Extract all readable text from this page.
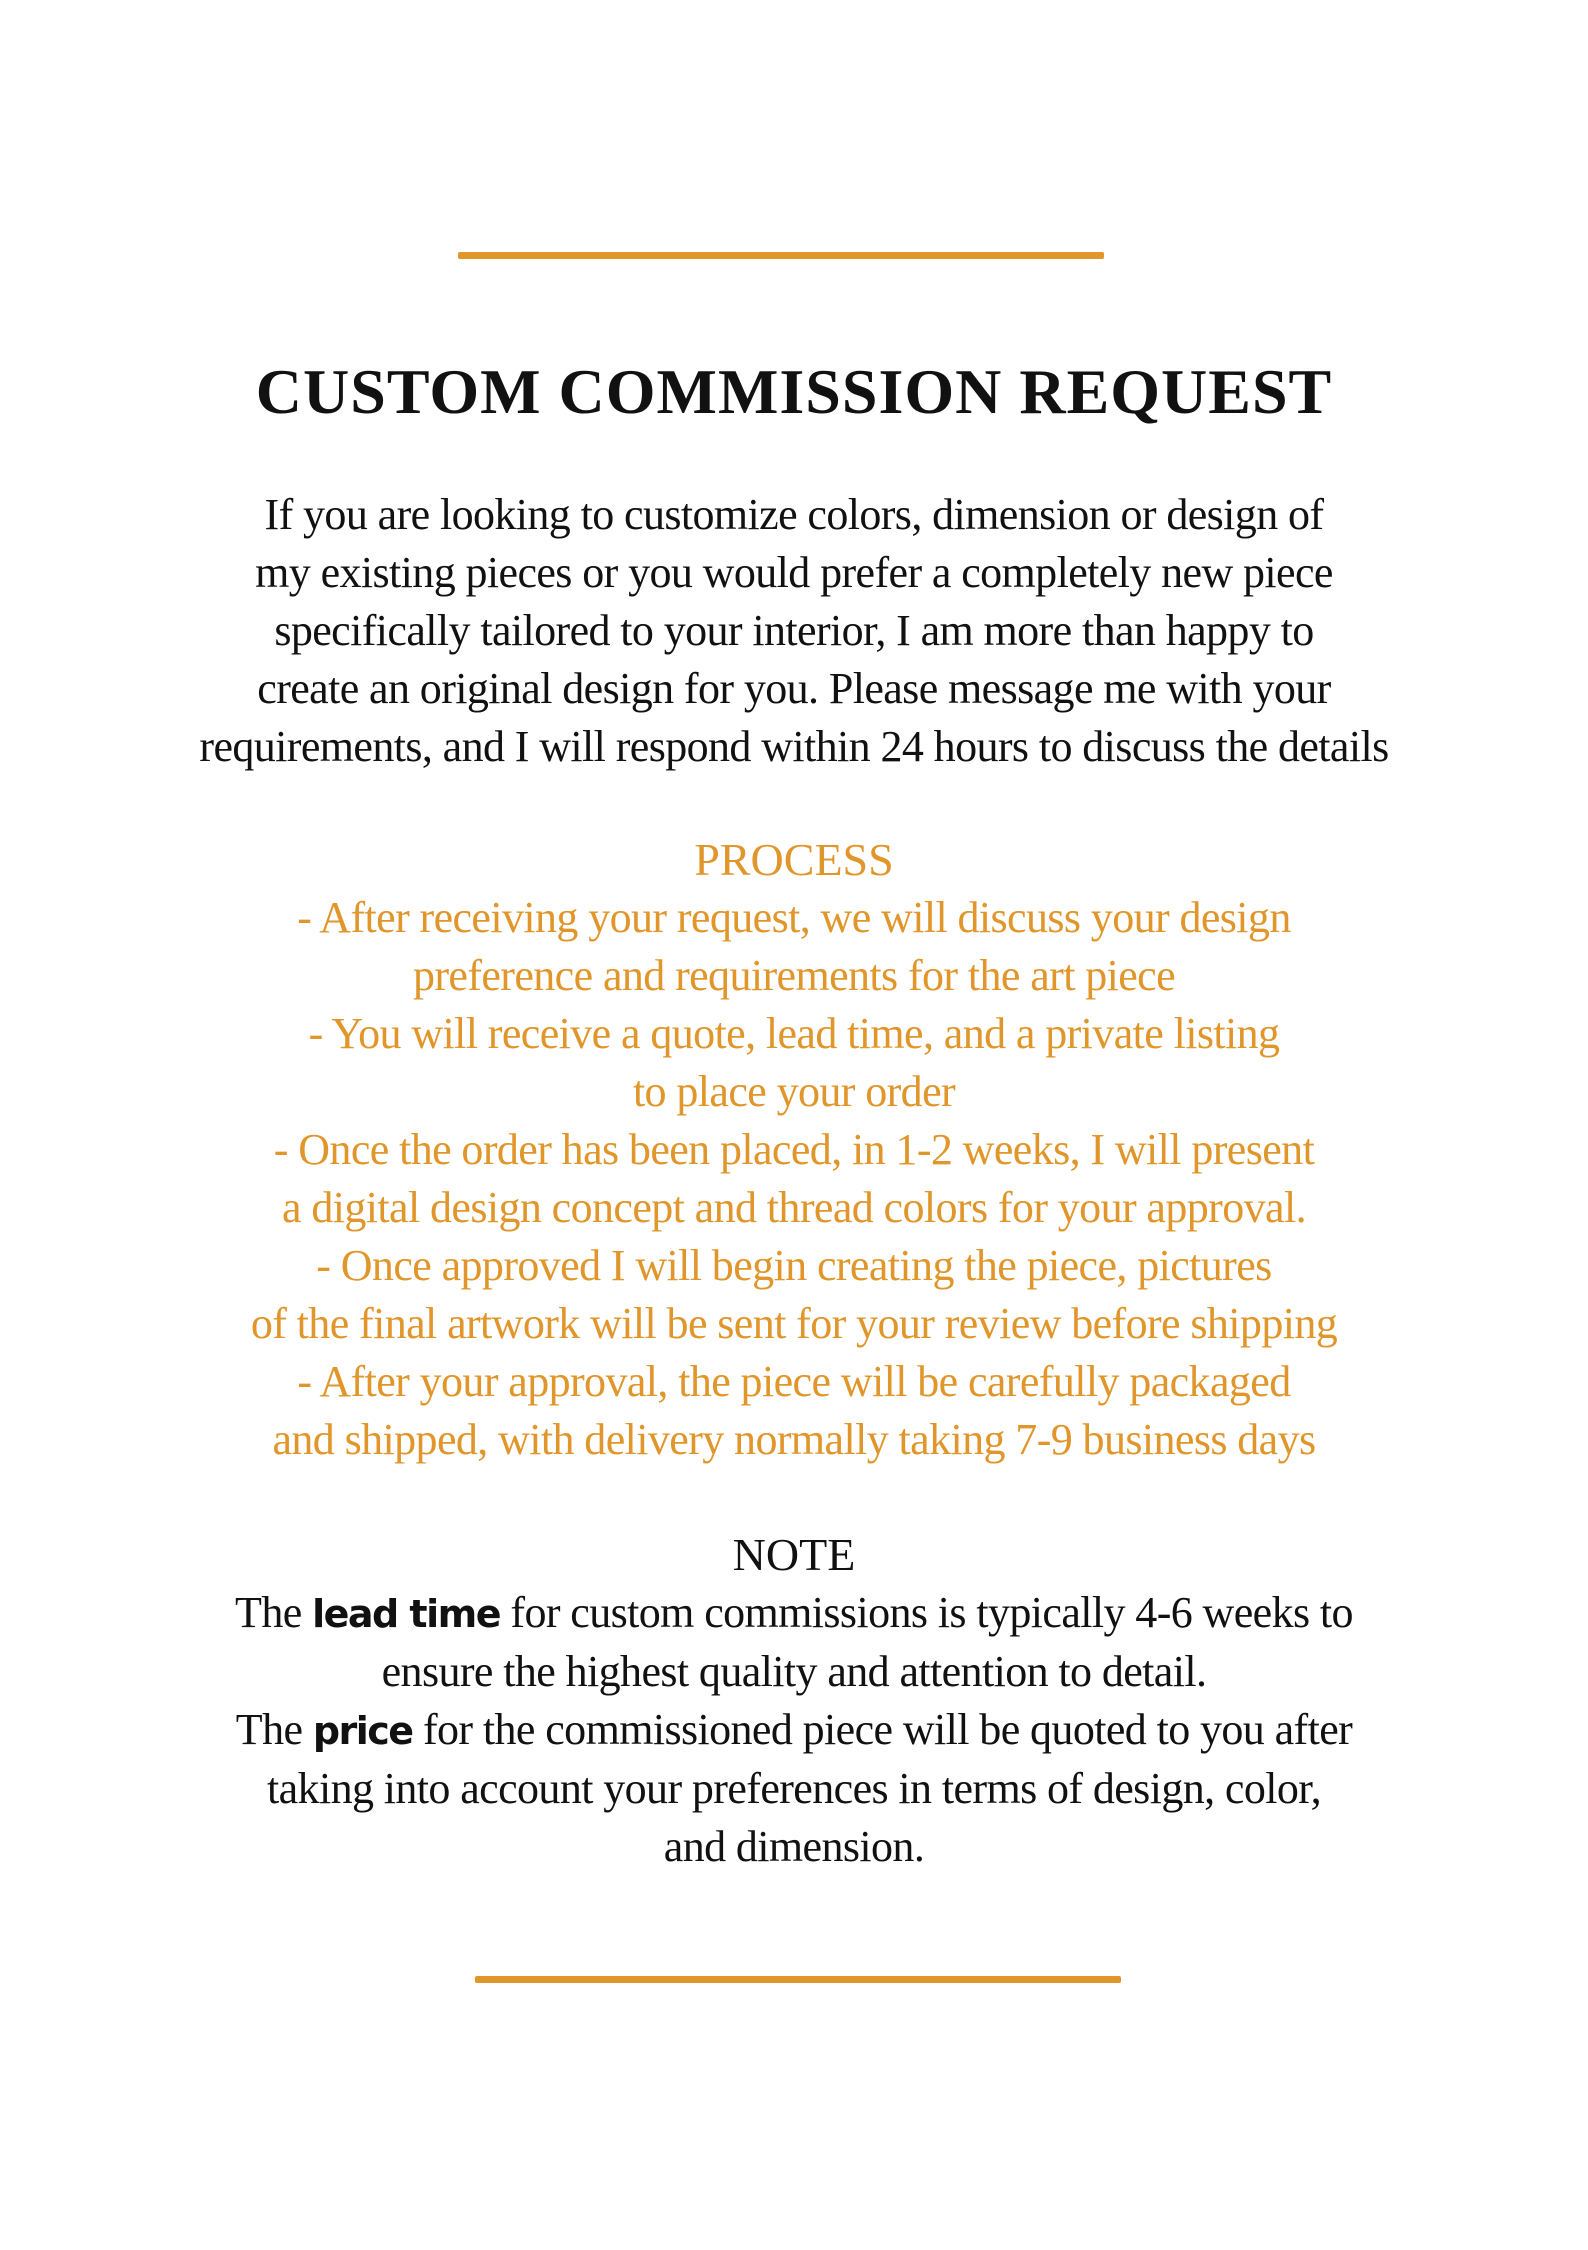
CUSTOM COMMISSION REQUEST
If you are looking to customize colors, dimension or design of
my existing pieces or you would prefer a completely new piece
specifically tailored to your interior, I am more than happy to
create an original design for you. Please message me with your
requirements, and I will respond within 24 hours to discuss the details
PROCESS
- After receiving your request, we will discuss your design
preference and requirements for the art piece
- You will receive a quote, lead time, and a private listing
to place your order
- Once the order has been placed, in 1-2 weeks, I will present
a digital design concept and thread colors for your approval.
- Once approved I will begin creating the piece, pictures
of the final artwork will be sent for your review before shipping
- After your approval, the piece will be carefully packaged
and shipped, with delivery normally taking 7-9 business days
NOTE
The lead time for custom commissions is typically 4-6 weeks to
ensure the highest quality and attention to detail.
The price for the commissioned piece will be quoted to you after
taking into account your preferences in terms of design, color,
and dimension.
